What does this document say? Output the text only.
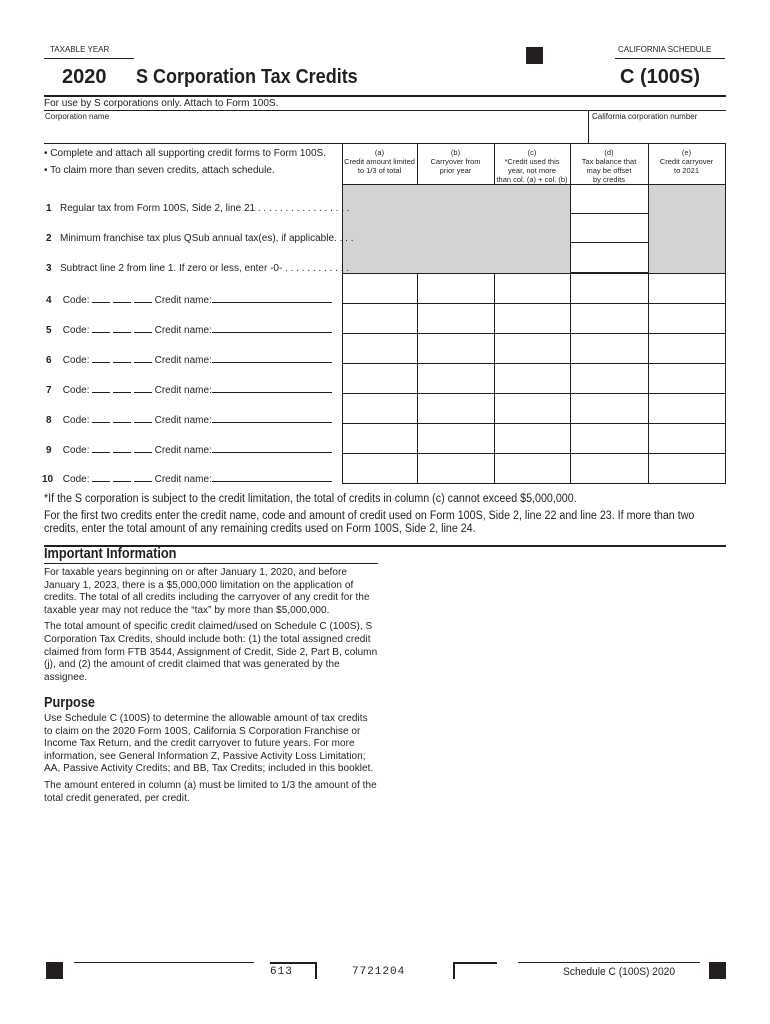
TAXABLE YEAR	CALIFORNIA SCHEDULE
2020 S Corporation Tax Credits	C (100S)
For use by S corporations only. Attach to Form 100S.
Corporation name	California corporation number
• Complete and attach all supporting credit forms to Form 100S.
• To claim more than seven credits, attach schedule.
(a)
Credit amount limited
to 1/3 of total

(b)
Carryover from
prior year

(c)
*Credit used this
year, not more
than col. (a) + col. (b)
(d)
Tax balance that
may be offset
by credits
(e)
Credit carryover
to 2021

1 Regular tax from Form 100S, Side 2, line 21 . . . . . . . . . . . . . . . . .
2 Minimum franchise tax plus QSub annual tax(es), if applicable. . . .
3 Subtract line 2 from line 1. If zero or less, enter -0- . . . . . . . . . . . .
4 Code:	Credit name:
5 Code:	Credit name:
6 Code:	Credit name:
7 Code:	Credit name:
8 Code:	Credit name:
9 Code:	Credit name:
10 Code:	Credit name:
*If the S corporation is subject to the credit limitation, the total of credits in column (c) cannot exceed $5,000,000.
For the first two credits enter the credit name, code and amount of credit used on Form 100S, Side 2, line 22 and line 23. If more than two credits, enter the total amount of any remaining credits used on Form 100S, Side 2, line 24.
Important Information

For taxable years beginning on or after January 1, 2020, and before January 1, 2023, there is a $5,000,000 limitation on the application of credits. The total of all credits including the carryover of any credit for the taxable year may not reduce the “tax” by more than $5,000,000.

The total amount of specific credit claimed/used on Schedule C (100S), S Corporation Tax Credits, should include both: (1) the total assigned credit claimed from form FTB 3544, Assignment of Credit, Side 2, Part B, column (j), and (2) the amount of credit claimed that was generated by the assignee.

Purpose

Use Schedule C (100S) to determine the allowable amount of tax credits to claim on the 2020 Form 100S, California S Corporation Franchise or Income Tax Return, and the credit carryover to future years. For more information, see General Information Z, Passive Activity Loss Limitation; AA, Passive Activity Credits; and BB, Tax Credits; included in this booklet.

The amount entered in column (a) must be limited to 1/3 the amount of the total credit generated, per credit.

613	7721204	Schedule C (100S) 2020
